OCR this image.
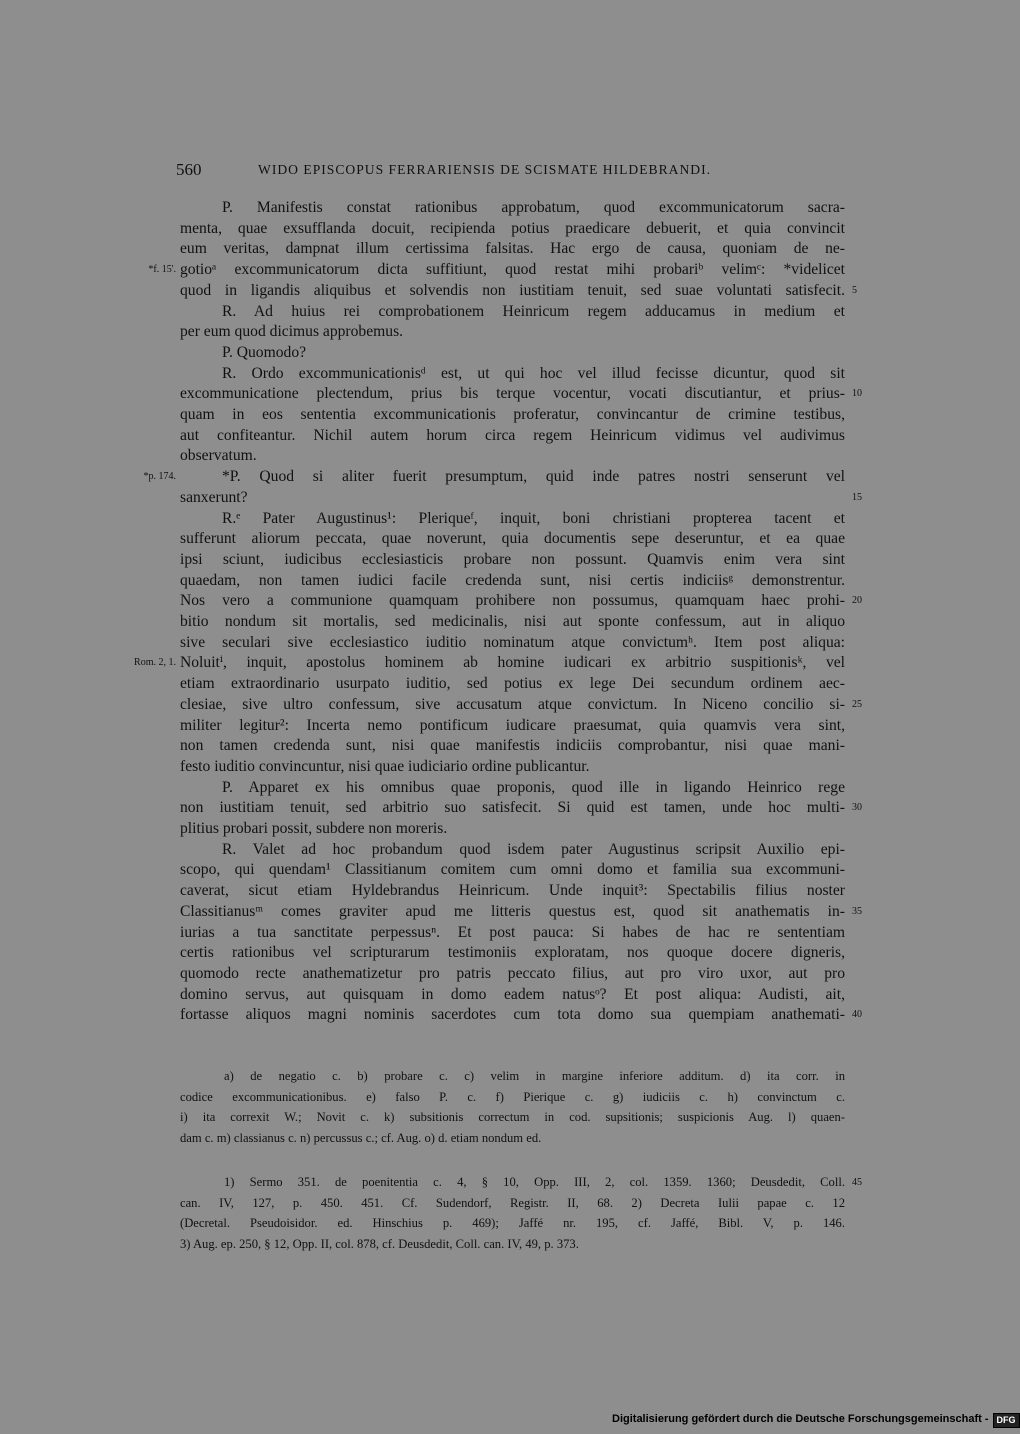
560	WIDO EPISCOPUS FERRARIENSIS DE SCISMATE HILDEBRANDI.
P. Manifestis constat rationibus approbatum, quod excommunicatorum sacra-
menta, quae exsufflanda docuit, recipienda potius praedicare debuerit, et quia convincit
eum veritas, dampnat illum certissima falsitas. Hac ergo de causa, quoniam de ne-
gotioᵃ excommunicatorum dicta suffitiunt, quod restat mihi probariᵇ velimᶜ: *videlicet
*f. 15'.
quod in ligandis aliquibus et solvendis non iustitiam tenuit, sed suae voluntati satisfecit. 5
R. Ad huius rei comprobationem Heinricum regem adducamus in medium et
per eum quod dicimus approbemus.
P. Quomodo?
R. Ordo excommunicationisᵈ est, ut qui hoc vel illud fecisse dicuntur, quod sit
excommunicatione plectendum, prius bis terque vocentur, vocati discutiantur, et prius- 10
quam in eos sententia excommunicationis proferatur, convincantur de crimine testibus,
aut confiteantur. Nichil autem horum circa regem Heinricum vidimus vel audivimus
observatum.
*P. Quod si aliter fuerit presumptum, quid inde patres nostri senserunt vel
*p. 174.
sanxerunt?	15
R.ᵉ Pater Augustinus¹: Pleriqueᶠ, inquit, boni christiani propterea tacent et
sufferunt aliorum peccata, quae noverunt, quia documentis sepe deseruntur, et ea quae
ipsi sciunt, iudicibus ecclesiasticis probare non possunt. Quamvis enim vera sint
quaedam, non tamen iudici facile credenda sunt, nisi certis indiciisᵍ demonstrentur.
Nos vero a communione quamquam prohibere non possumus, quamquam haec prohi- 20
bitio nondum sit mortalis, sed medicinalis, nisi aut sponte confessum, aut in aliquo
sive seculari sive ecclesiastico iuditio nominatum atque convictumʰ. Item post aliqua:
Noluitⁱ, inquit, apostolus hominem ab homine iudicari ex arbitrio suspitionisᵏ, vel
Rom. 2, 1.
etiam extraordinario usurpato iuditio, sed potius ex lege Dei secundum ordinem aec-
clesiae, sive ultro confessum, sive accusatum atque convictum. In Niceno concilio si- 25
militer legitur²: Incerta nemo pontificum iudicare praesumat, quia quamvis vera sint,
non tamen credenda sunt, nisi quae manifestis indiciis comprobantur, nisi quae mani-
festo iuditio convincuntur, nisi quae iudiciario ordine publicantur.
P. Apparet ex his omnibus quae proponis, quod ille in ligando Heinrico rege
non iustitiam tenuit, sed arbitrio suo satisfecit. Si quid est tamen, unde hoc multi- 30
plitius probari possit, subdere non moreris.
R. Valet ad hoc probandum quod isdem pater Augustinus scripsit Auxilio epi-
scopo, qui quendam¹ Classitianum comitem cum omni domo et familia sua excommuni-
caverat, sicut etiam Hyldebrandus Heinricum. Unde inquit³: Spectabilis filius noster
Classitianusᵐ comes graviter apud me litteris questus est, quod sit anathematis in- 35
iurias a tua sanctitate perpessusⁿ. Et post pauca: Si habes de hac re sententiam
certis rationibus vel scripturarum testimoniis exploratam, nos quoque docere digneris,
quomodo recte anathematizetur pro patris peccato filius, aut pro viro uxor, aut pro
domino servus, aut quisquam in domo eadem natusᵒ? Et post aliqua: Audisti, ait,
fortasse aliquos magni nominis sacerdotes cum tota domo sua quempiam anathemati- 40
a) de negatio c. b) probare c. c) velim in margine inferiore additum. d) ita corr. in
codice excommunicationibus. e) falso P. c. f) Pierique c. g) iudiciis c. h) convinctum c.
i) ita correxit W.; Novit c. k) subsitionis correctum in cod. supsitionis; suspicionis Aug. l) quaen-
dam c. m) classianus c. n) percussus c.; cf. Aug. o) d. etiam nondum ed.
1) Sermo 351. de poenitentia c. 4, § 10, Opp. III, 2, col. 1359. 1360; Deusdedit, Coll. 45
can. IV, 127, p. 450. 451. Cf. Sudendorf, Registr. II, 68. 2) Decreta Iulii papae c. 12
(Decretal. Pseudoisidor. ed. Hinschius p. 469); Jaffé nr. 195, cf. Jaffé, Bibl. V, p. 146.
3) Aug. ep. 250, § 12, Opp. II, col. 878, cf. Deusdedit, Coll. can. IV, 49, p. 373.
Digitalisierung gefördert durch die Deutsche Forschungsgemeinschaft - DFG
